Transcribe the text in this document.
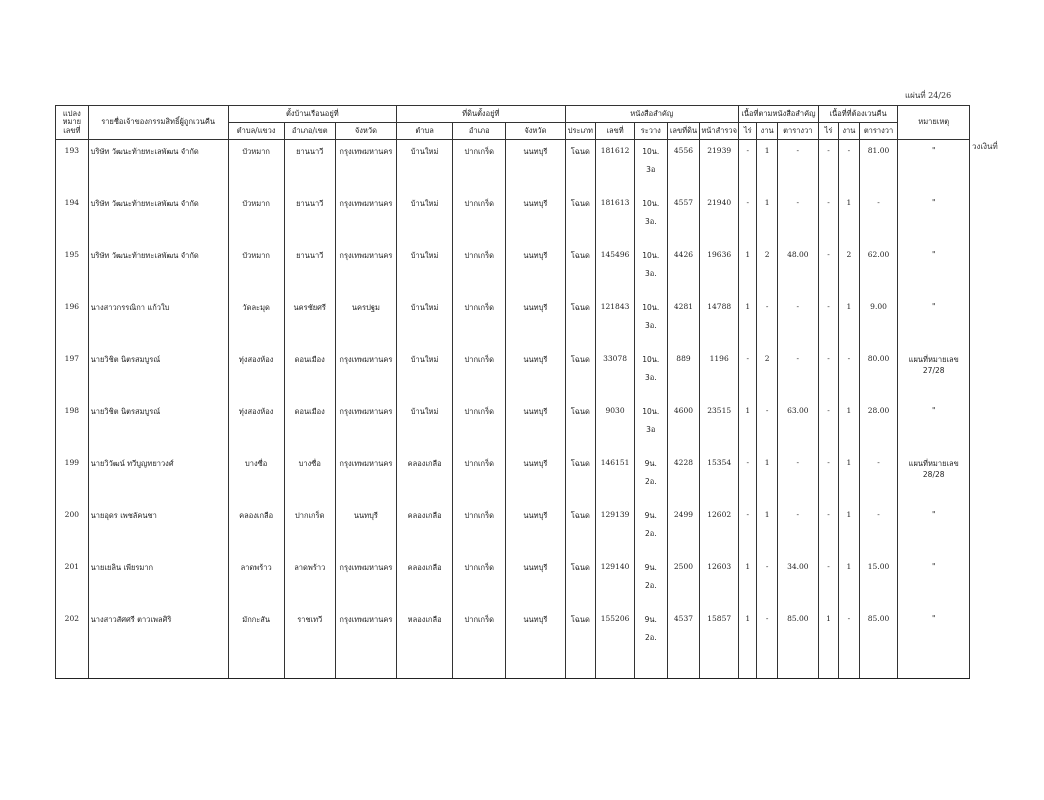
แผ่นที่ 24/26
วงเงินที่
แปลง
หมาย
เลขที่	รายชื่อเจ้าของกรรมสิทธิ์ผู้ถูกเวนคืน	ตั้งบ้านเรือนอยู่ที่			ที่ดินตั้งอยู่ที่			หนังสือสำคัญ					เนื้อที่ตามหนังสือสำคัญ			เนื้อที่ที่ต้องเวนคืน			หมายเหตุ
		ตำบล/แขวง	อำเภอ/เขต	จังหวัด	ตำบล	อำเภอ	จังหวัด	ประเภท	เลขที่	ระวาง	เลขที่ดิน	หน้าสำรวจ	ไร่	งาน	ตารางวา	ไร่	งาน	ตารางวา	
193	บริษัท วัฒนะท้ายทะเลพัฒน จำกัด	บัวหมาก	ยานนาวี	กรุงเทพมหานคร	บ้านใหม่	ปากเกร็ด	นนทบุรี	โฉนด	181612	10น.
3อ	4556	21939	-	1	-	-	-	81.00	"
194	บริษัท วัฒนะท้ายทะเลพัฒน จำกัด	บัวหมาก	ยานนาวี	กรุงเทพมหานคร	บ้านใหม่	ปากเกร็ด	นนทบุรี	โฉนด	181613	10น.
3อ.	4557	21940	-	1	-	-	1	-	"
195	บริษัท วัฒนะท้ายทะเลพัฒน จำกัด	บัวหมาก	ยานนาวี	กรุงเทพมหานคร	บ้านใหม่	ปากเกร็ด	นนทบุรี	โฉนด	145496	10น.
3อ.	4426	19636	1	2	48.00	-	2	62.00	"
196	นางสาวกรรณิกา แก้วใบ	วัดละมุด	นครชัยศรี	นครปฐม	บ้านใหม่	ปากเกร็ด	นนทบุรี	โฉนด	121843	10น.
3อ.	4281	14788	1	-	-	-	1	9.00	"
197	นายวิชิต นิตรสมบูรณ์	ทุ่งสองห้อง	ดอนเมือง	กรุงเทพมหานคร	บ้านใหม่	ปากเกร็ด	นนทบุรี	โฉนด	33078	10น.
3อ.	889	1196	-	2	-	-	-	80.00	แผนที่หมายเลข
27/28

198	นายวิชิต นิตรสมบูรณ์	ทุ่งสองห้อง	ดอนเมือง	กรุงเทพมหานคร	บ้านใหม่	ปากเกร็ด	นนทบุรี	โฉนด	9030	10น.
3อ	4600	23515	1	-	63.00	-	1	28.00	"
199	นายวิวัฒน์ ทวีบูญทยาวงศ์	บางซื่อ	บางซื่อ	กรุงเทพมหานคร	คลองเกลือ	ปากเกร็ด	นนทบุรี	โฉนด	146151	9น.
2อ.	4228	15354	-	1	-	-	1	-	แผนที่หมายเลข
28/28

200	นายอุดร เพชลัคนชา	คลองเกลือ	ปากเกร็ด	นนทบุรี	คลองเกลือ	ปากเกร็ด	นนทบุรี	โฉนด	129139	9น.
2อ.	2499	12602	-	1	-	-	1	-	"
201	นายเยลิน เพียรมาก	ลาดพร้าว	ลาดพร้าว	กรุงเทพมหานคร	คลองเกลือ	ปากเกร็ด	นนทบุรี	โฉนด	129140	9น.
2อ.	2500	12603	1	-	34.00	-	1	15.00	"
202	นางสาวสัศศรี ตาวเพลศิริ	มักกะสัน	ราชเทวี	กรุงเทพมหานคร	หลองเกลือ	ปากเกร็ด	นนทบุรี	โฉนด	155206	9น.
2อ.	4537	15857	1	-	85.00	1	-	85.00	"
